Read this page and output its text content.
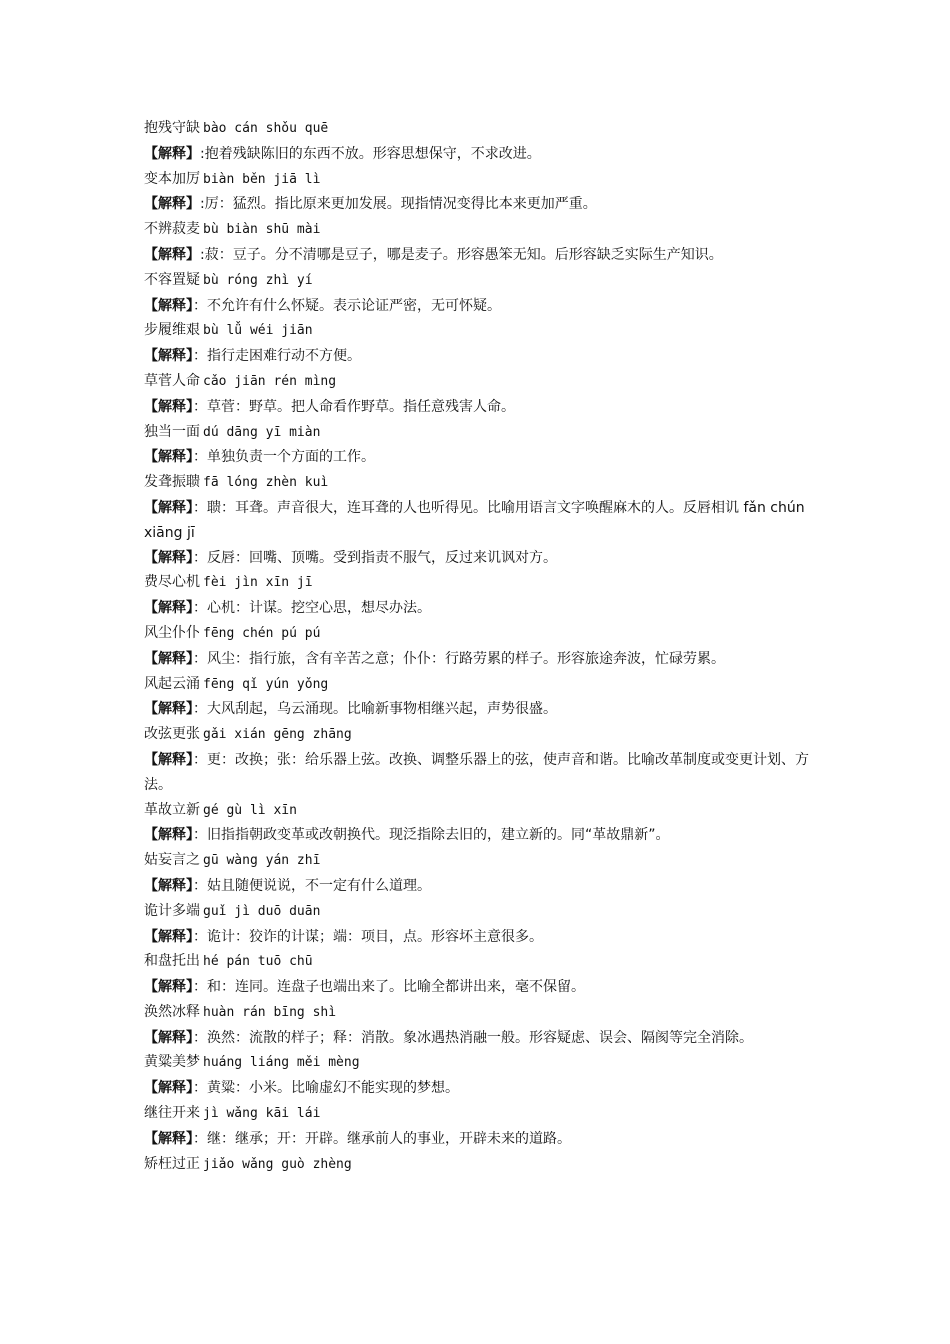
抱残守缺 bào cán shǒu quē
【解释】:抱着残缺陈旧的东西不放。形容思想保守，不求改进。
变本加厉 biàn běn jiā lì
【解释】:厉：猛烈。指比原来更加发展。现指情况变得比本来更加严重。
不辨菽麦 bù biàn shū mài
【解释】:菽：豆子。分不清哪是豆子，哪是麦子。形容愚笨无知。后形容缺乏实际生产知识。
不容置疑 bù róng zhì yí
【解释】：不允许有什么怀疑。表示论证严密，无可怀疑。
步履维艰 bù lǚ wéi jiān
【解释】：指行走困难行动不方便。
草菅人命 cǎo jiān rén mìng
【解释】：草菅：野草。把人命看作野草。指任意残害人命。
独当一面 dú dāng yī miàn
【解释】：单独负责一个方面的工作。
发聋振聩 fā lóng zhèn kuì
【解释】：聩：耳聋。声音很大，连耳聋的人也听得见。比喻用语言文字唤醒麻木的人。反唇相讥 fǎn chún xiāng jī
【解释】：反唇：回嘴、顶嘴。受到指责不服气，反过来讥讽对方。
费尽心机 fèi jìn xīn jī
【解释】：心机：计谋。挖空心思，想尽办法。
风尘仆仆 fēng chén pú pú
【解释】：风尘：指行旅，含有辛苦之意；仆仆：行路劳累的样子。形容旅途奔波，忙碌劳累。
风起云涌 fēng qǐ yún yǒng
【解释】：大风刮起，乌云涌现。比喻新事物相继兴起，声势很盛。
改弦更张 gǎi xián gēng zhāng
【解释】：更：改换；张：给乐器上弦。改换、调整乐器上的弦，使声音和谐。比喻改革制度或变更计划、方法。
革故立新 gé gù lì xīn
【解释】：旧指指朝政变革或改朝换代。现泛指除去旧的，建立新的。同“革故鼎新”。
姑妄言之 gū wàng yán zhī
【解释】：姑且随便说说，不一定有什么道理。
诡计多端 guǐ jì duō duān
【解释】：诡计：狡诈的计谋；端：项目，点。形容坏主意很多。
和盘托出 hé pán tuō chū
【解释】：和：连同。连盘子也端出来了。比喻全都讲出来，毫不保留。
涣然冰释 huàn rán bīng shì
【解释】：涣然：流散的样子；释：消散。象冰遇热消融一般。形容疑虑、误会、隔阂等完全消除。
黄粱美梦 huáng liáng měi mèng
【解释】：黄粱：小米。比喻虚幻不能实现的梦想。
继往开来 jì wǎng kāi lái
【解释】：继：继承；开：开辟。继承前人的事业，开辟未来的道路。
矫枉过正 jiǎo wǎng guò zhèng
